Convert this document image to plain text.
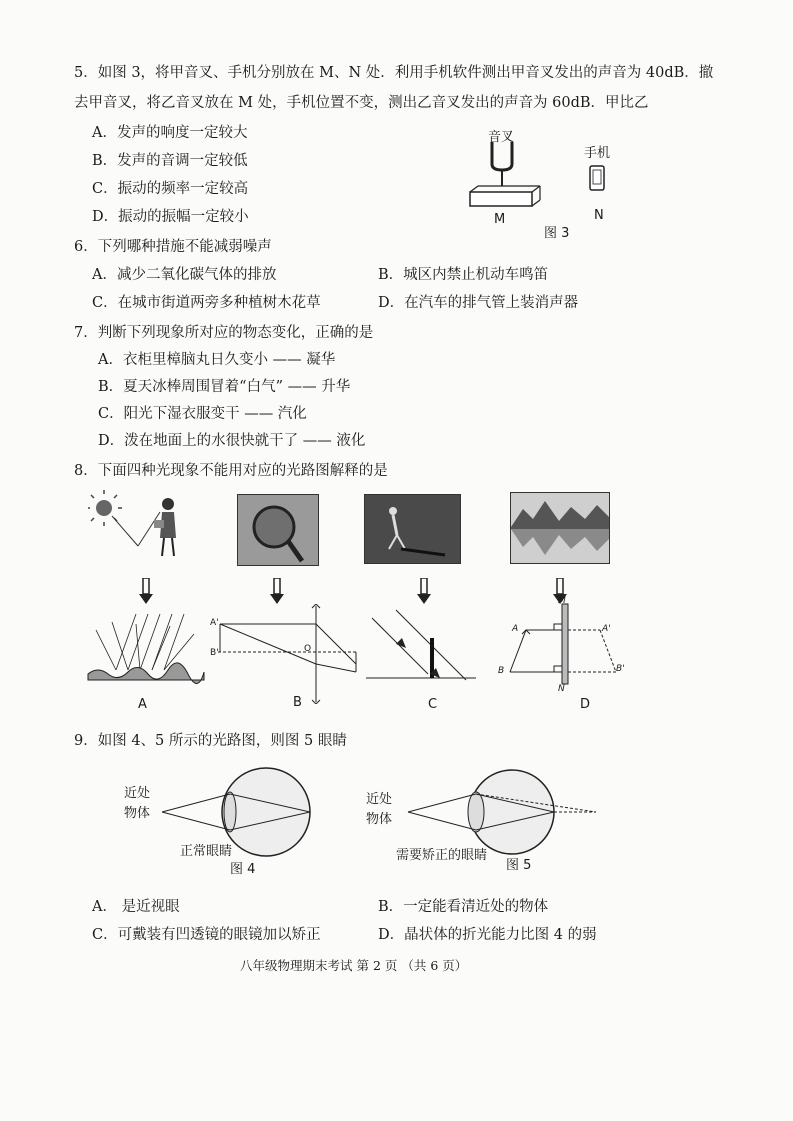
5．如图 3，将甲音叉、手机分别放在 M、N 处．利用手机软件测出甲音叉发出的声音为 40dB．撤
去甲音叉，将乙音叉放在 M 处，手机位置不变，测出乙音叉发出的声音为 60dB．甲比乙
A．发声的响度一定较大
B．发声的音调一定较低
C．振动的频率一定较高
D．振动的振幅一定较小
音叉
手机
M	N
图 3
6．下列哪种措施不能减弱噪声
A．减少二氧化碳气体的排放	B．城区内禁止机动车鸣笛
C．在城市街道两旁多种植树木花草	D．在汽车的排气管上装消声器
7．判断下列现象所对应的物态变化，正确的是
A．衣柜里樟脑丸日久变小 —— 凝华
B．夏天冰棒周围冒着“白气” —— 升华
C．阳光下湿衣服变干 —— 汽化
D．泼在地面上的水很快就干了 —— 液化
8．下面四种光现象不能用对应的光路图解释的是
A
A'
B'	O
B	C
M
N
A	A'
B	B'
D
9．如图 4、5 所示的光路图，则图 5 眼睛
近处
物体
正常眼睛
图 4
近处
物体
需要矫正的眼睛
图 5
A． 是近视眼	B．一定能看清近处的物体
C．可戴装有凹透镜的眼镜加以矫正	D．晶状体的折光能力比图 4 的弱
八年级物理期末考试 第 2 页 （共 6 页）
